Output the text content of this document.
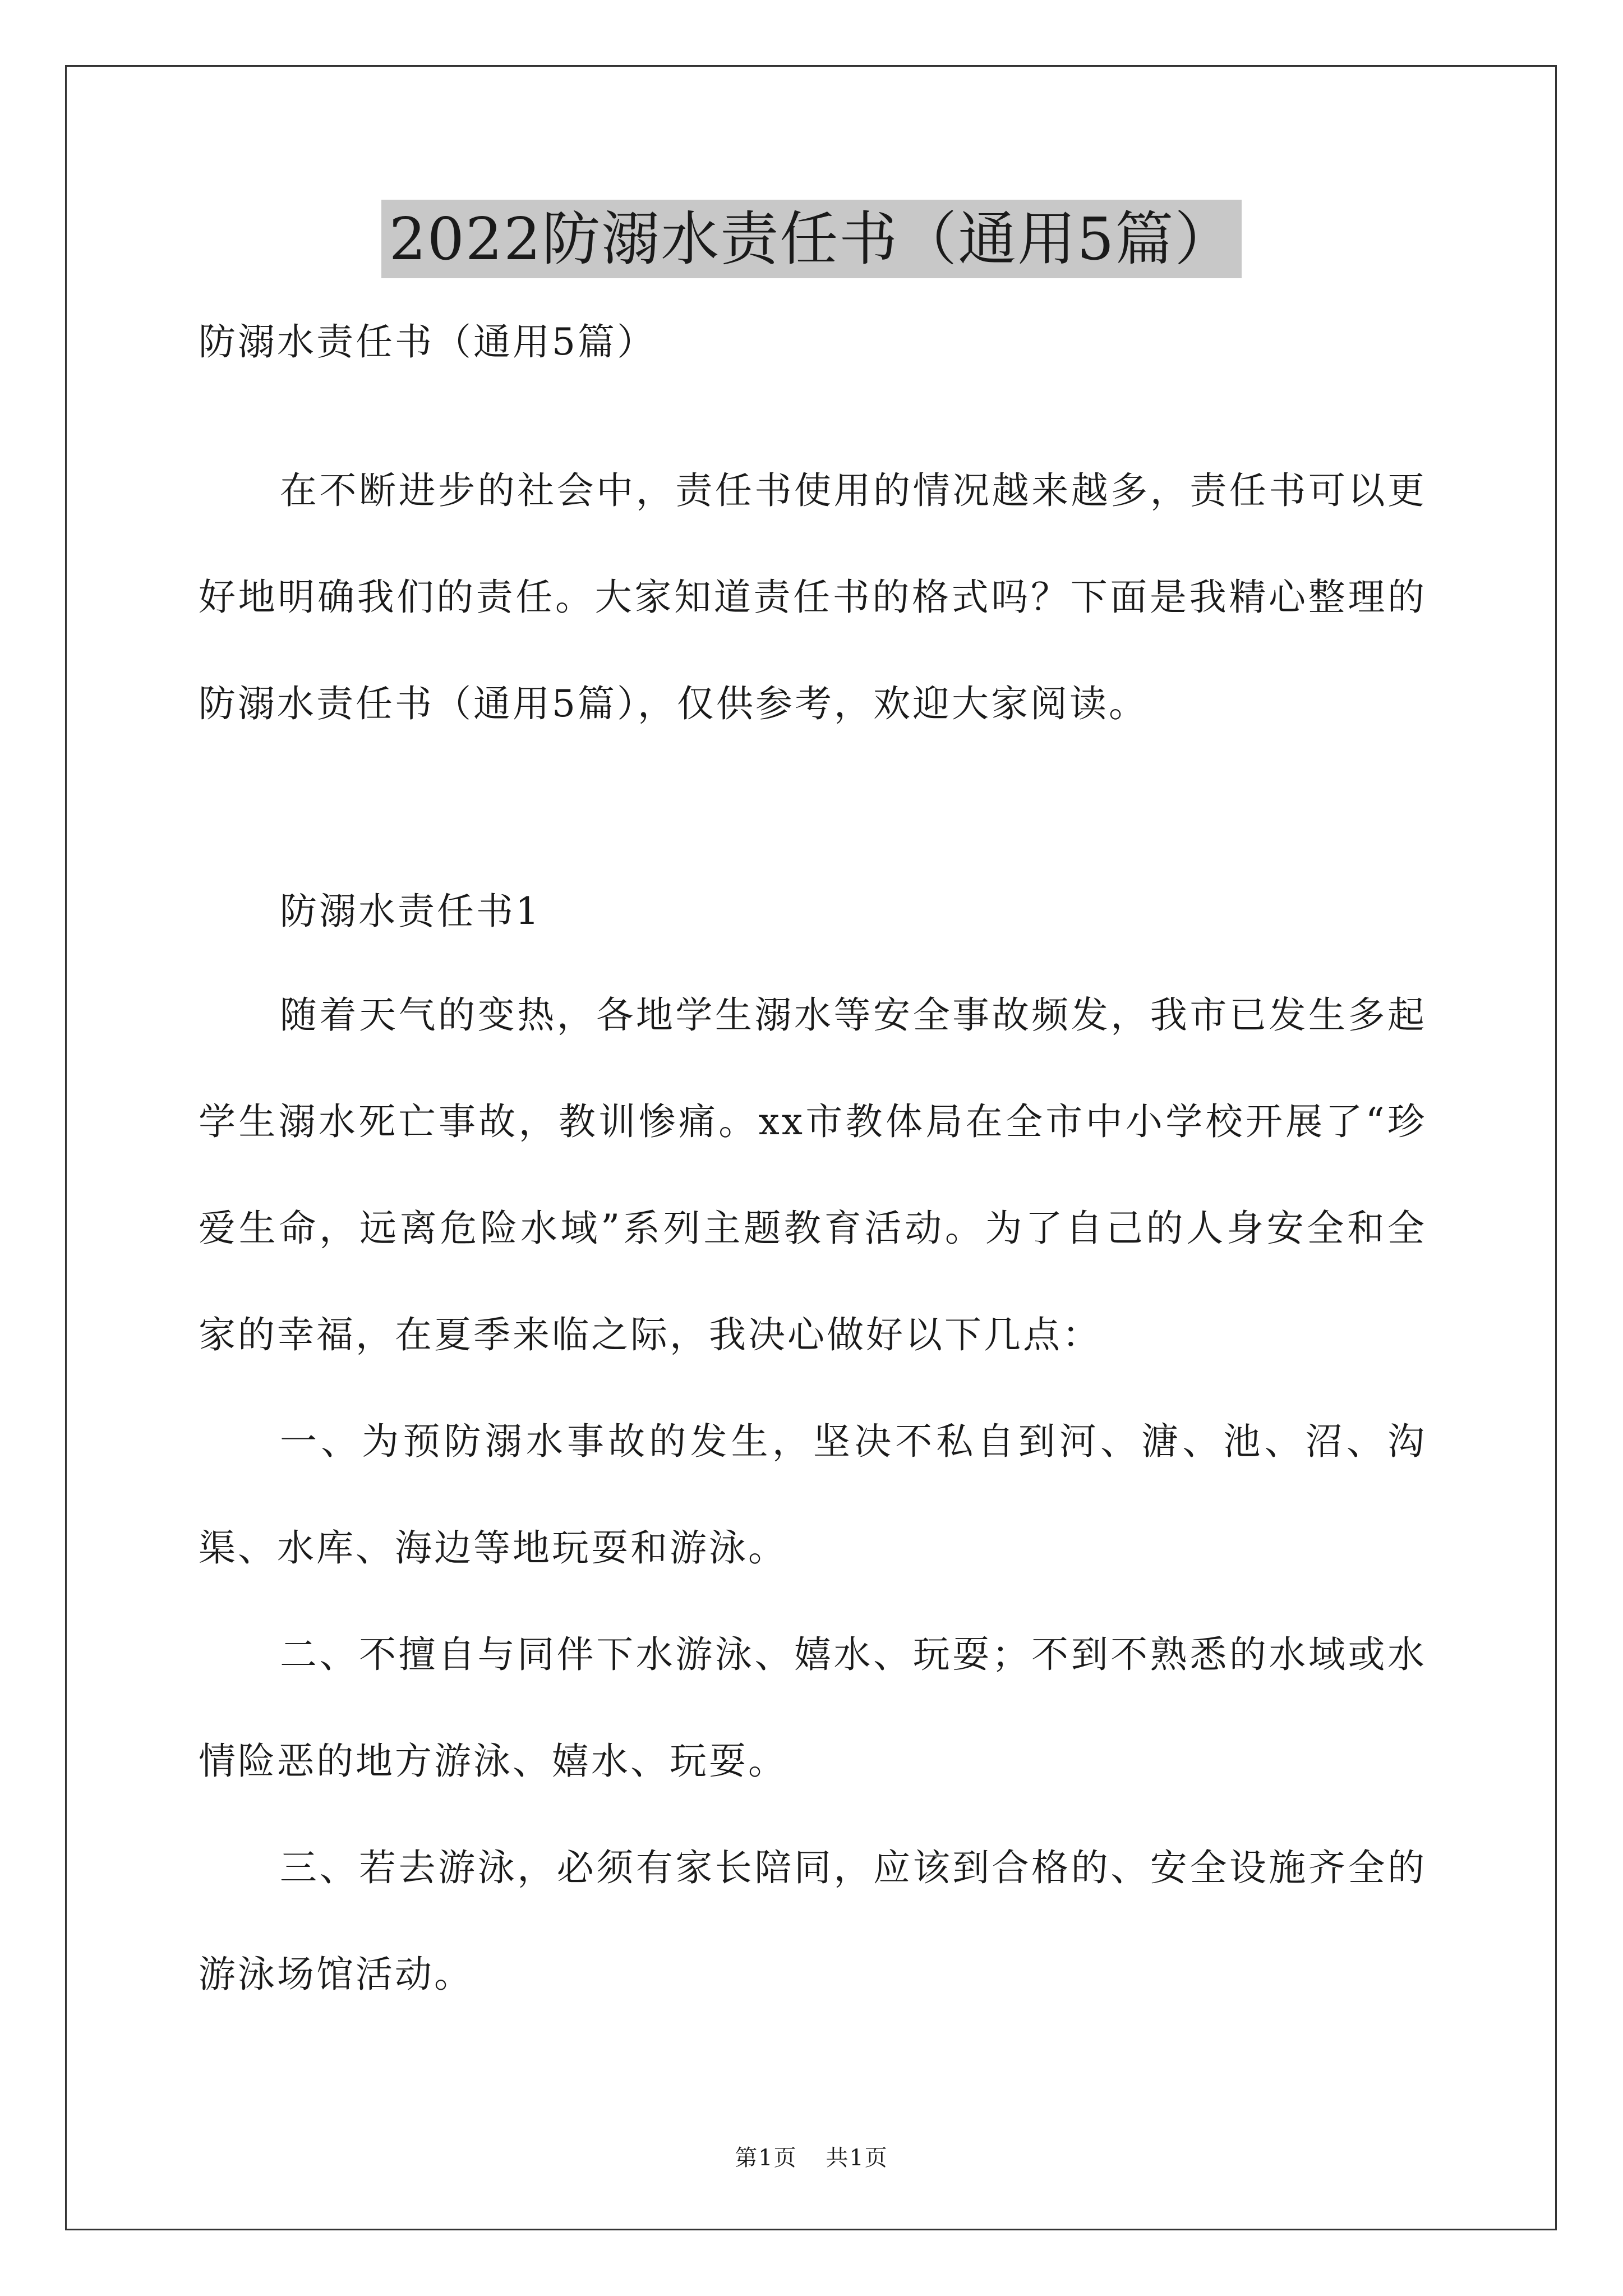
2022防溺水责任书（通用5篇）
防溺水责任书（通用5篇）

在不断进步的社会中，责任书使用的情况越来越多，责任书可以更好地明确我们的责任。大家知道责任书的格式吗？下面是我精心整理的防溺水责任书（通用5篇），仅供参考，欢迎大家阅读。

防溺水责任书1

随着天气的变热，各地学生溺水等安全事故频发，我市已发生多起学生溺水死亡事故，教训惨痛。xx市教体局在全市中小学校开展了“珍爱生命，远离危险水域”系列主题教育活动。为了自己的人身安全和全家的幸福，在夏季来临之际，我决心做好以下几点：

一、为预防溺水事故的发生，坚决不私自到河、溏、池、沼、沟渠、水库、海边等地玩耍和游泳。

二、不擅自与同伴下水游泳、嬉水、玩耍；不到不熟悉的水域或水情险恶的地方游泳、嬉水、玩耍。

三、若去游泳，必须有家长陪同，应该到合格的、安全设施齐全的游泳场馆活动。

第1页 共1页
